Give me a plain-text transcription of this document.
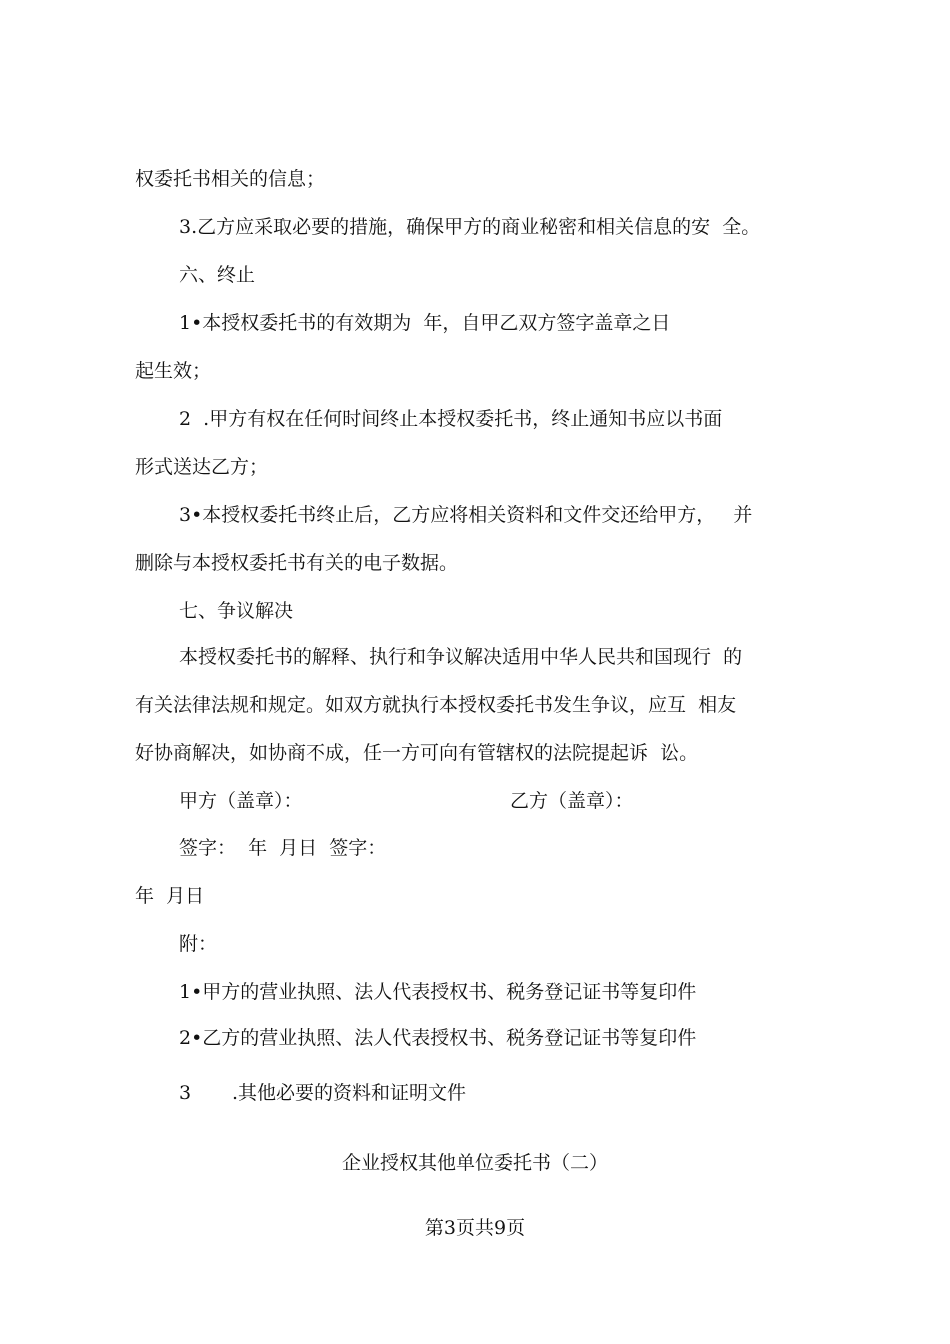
权委托书相关的信息；
3.乙方应采取必要的措施，确保甲方的商业秘密和相关信息的安  全。
六、终止
1•本授权委托书的有效期为  年，自甲乙双方签字盖章之日
起生效；
2  .甲方有权在任何时间终止本授权委托书，终止通知书应以书面
形式送达乙方；
3•本授权委托书终止后，乙方应将相关资料和文件交还给甲方，   并
删除与本授权委托书有关的电子数据。
七、争议解决
本授权委托书的解释、执行和争议解决适用中华人民共和国现行  的
有关法律法规和规定。如双方就执行本授权委托书发生争议，应互  相友
好协商解决，如协商不成，任一方可向有管辖权的法院提起诉  讼。
甲方（盖章）：	乙方（盖章）：
签字：  年  月日  签字：
年  月日
附：
1•甲方的营业执照、法人代表授权书、税务登记证书等复印件
2•乙方的营业执照、法人代表授权书、税务登记证书等复印件
3 .其他必要的资料和证明文件
企业授权其他单位委托书（二）
第3页共9页
